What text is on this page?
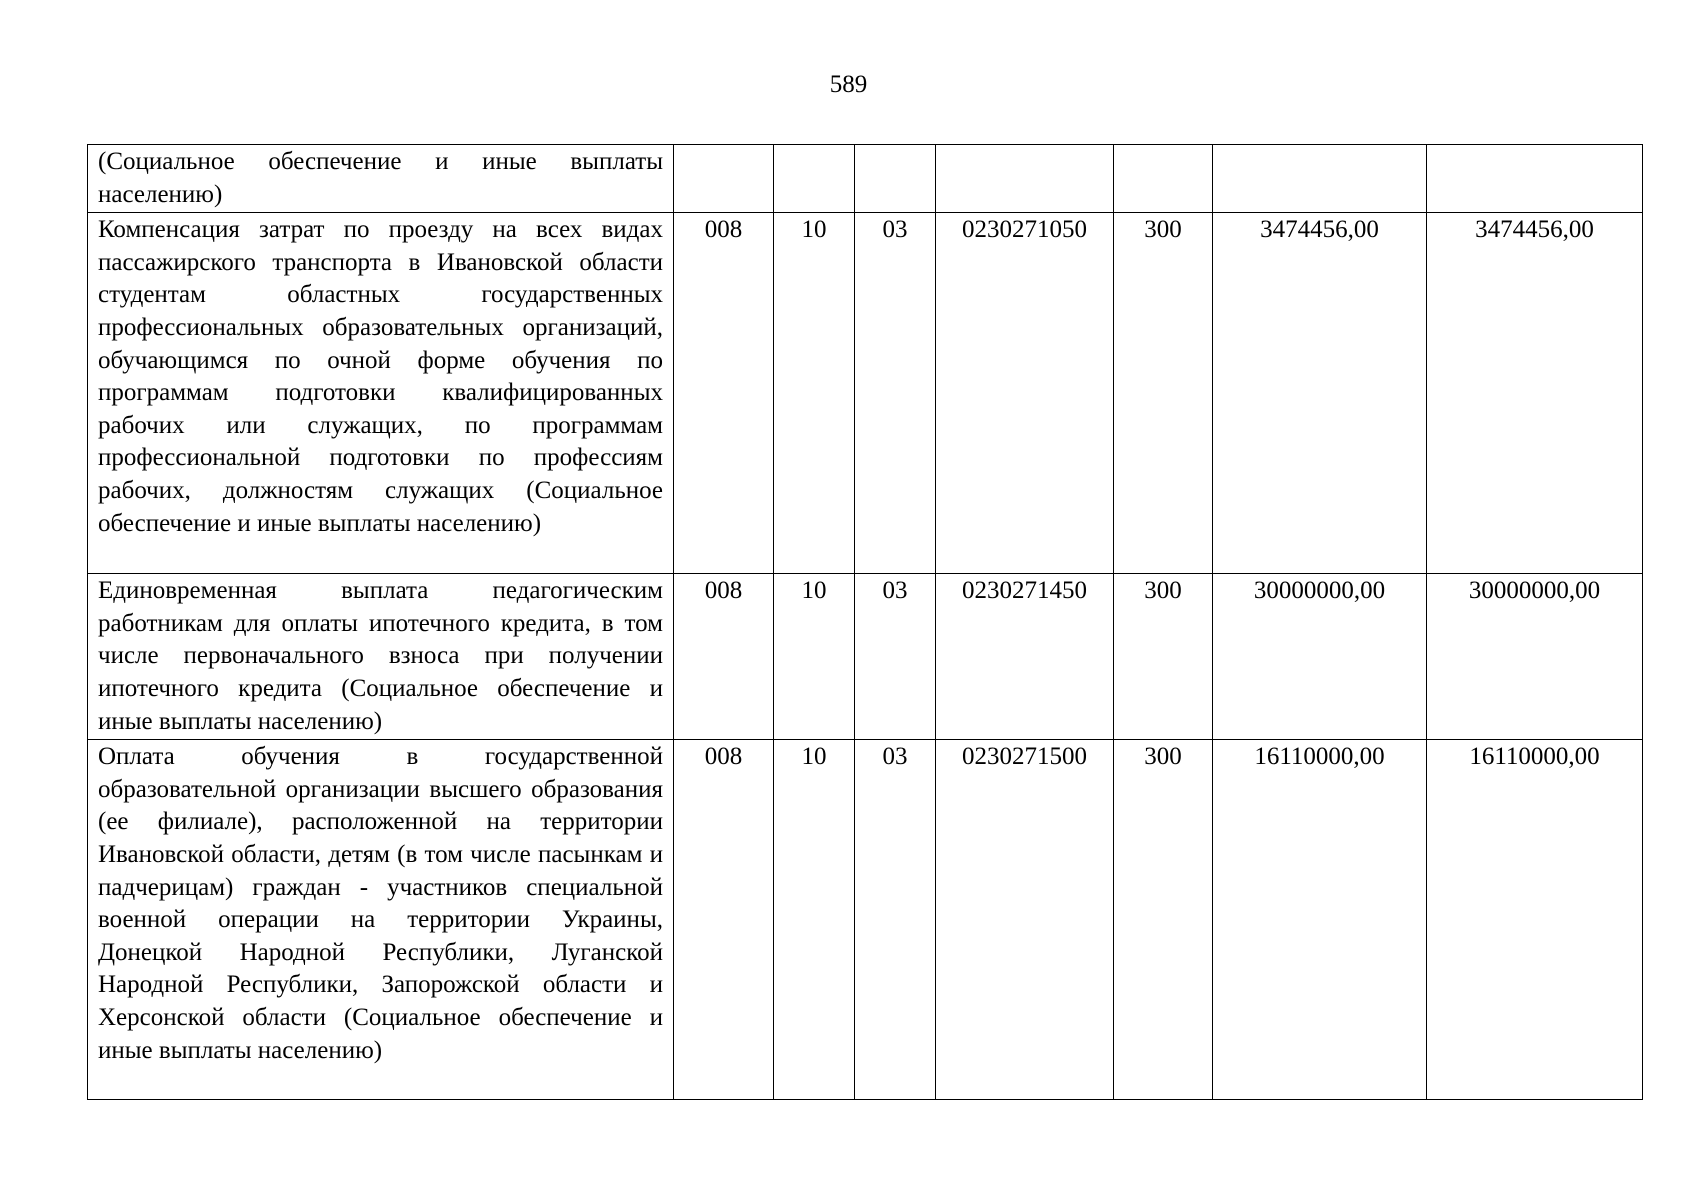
589
(Социальное обеспечение и иные выплаты населению)							
Компенсация затрат по проезду на всех видах пассажирского транспорта в Ивановской области студентам областных государственных профессиональных образовательных организаций, обучающимся по очной форме обучения по программам подготовки квалифицированных рабочих или служащих, по программам профессиональной подготовки по профессиям рабочих, должностям служащих (Социальное обеспечение и иные выплаты населению)	008	10	03	0230271050	300	3474456,00	3474456,00
Единовременная выплата педагогическим работникам для оплаты ипотечного кредита, в том числе первоначального взноса при получении ипотечного кредита (Социальное обеспечение и иные выплаты населению)	008	10	03	0230271450	300	30000000,00	30000000,00
Оплата обучения в государственной образовательной организации высшего образования (ее филиале), расположенной на территории Ивановской области, детям (в том числе пасынкам и падчерицам) граждан - участников специальной военной операции на территории Украины, Донецкой Народной Республики, Луганской Народной Республики, Запорожской области и Херсонской области (Социальное обеспечение и иные выплаты населению)	008	10	03	0230271500	300	16110000,00	16110000,00
